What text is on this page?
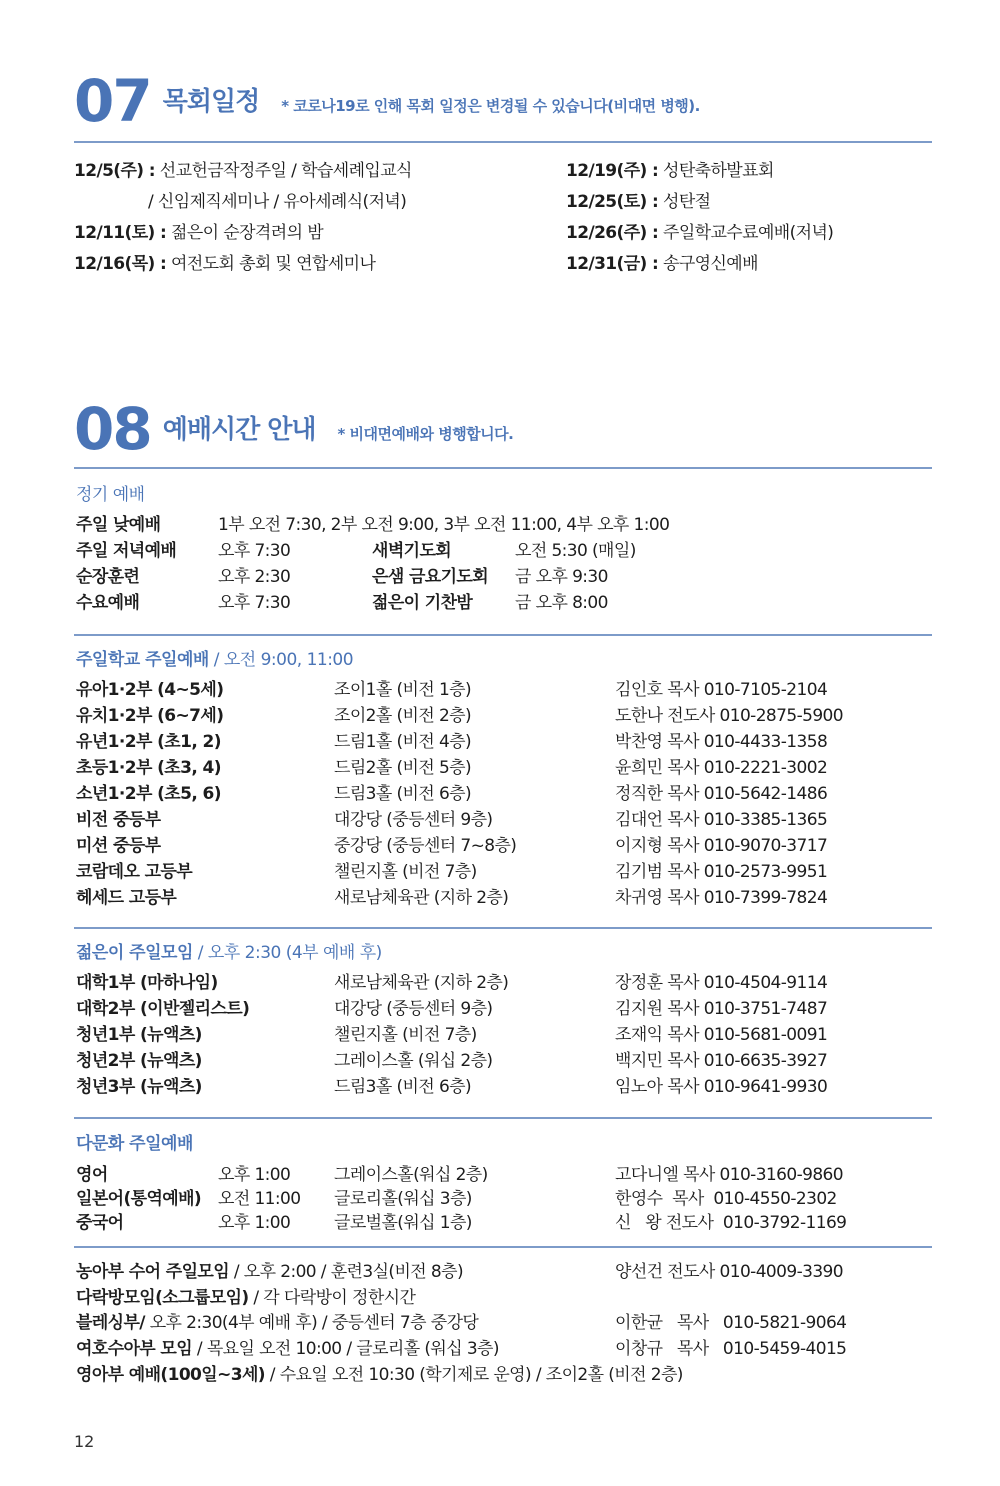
07 목회일정 * 코로나19로 인해 목회 일정은 변경될 수 있습니다(비대면 병행).
12/5(주) : 선교헌금작정주일 / 학습세례입교식
/ 신임제직세미나 / 유아세례식(저녁)
12/11(토) : 젊은이 순장격려의 밤
12/16(목) : 여전도회 총회 및 연합세미나
12/19(주) : 성탄축하발표회
12/25(토) : 성탄절
12/26(주) : 주일학교수료예배(저녁)
12/31(금) : 송구영신예배
08 예배시간 안내 * 비대면예배와 병행합니다.
정기 예배
주일 낮예배	1부 오전 7:30, 2부 오전 9:00, 3부 오전 11:00, 4부 오후 1:00
주일 저녁예배 오후 7:30	새벽기도회	오전 5:30 (매일)
순장훈련	오후 2:30	은샘 금요기도회 금 오후 9:30
수요예배	오후 7:30	젊은이 기찬밤	금 오후 8:00
주일학교 주일예배 / 오전 9:00, 11:00
유아1·2부 (4~5세)	조이1홀 (비전 1층)	김인호 목사 010-7105-2104
유치1·2부 (6~7세)	조이2홀 (비전 2층)	도한나 전도사 010-2875-5900
유년1·2부 (초1, 2)	드림1홀 (비전 4층)	박찬영 목사 010-4433-1358
초등1·2부 (초3, 4)	드림2홀 (비전 5층)	윤희민 목사 010-2221-3002
소년1·2부 (초5, 6)	드림3홀 (비전 6층)	정직한 목사 010-5642-1486
비전 중등부	대강당 (중등센터 9층)	김대언 목사 010-3385-1365
미션 중등부	중강당 (중등센터 7~8층)	이지형 목사 010-9070-3717
코람데오 고등부	챌린지홀 (비전 7층)	김기범 목사 010-2573-9951
헤세드 고등부	새로남체육관 (지하 2층)	차귀영 목사 010-7399-7824
젊은이 주일모임 / 오후 2:30 (4부 예배 후)
대학1부 (마하나임)	새로남체육관 (지하 2층)	장정훈 목사 010-4504-9114
대학2부 (이반젤리스트)	대강당 (중등센터 9층)	김지원 목사 010-3751-7487
청년1부 (뉴액츠)	챌린지홀 (비전 7층)	조재익 목사 010-5681-0091
청년2부 (뉴액츠)	그레이스홀 (워십 2층)	백지민 목사 010-6635-3927
청년3부 (뉴액츠)	드림3홀 (비전 6층)	임노아 목사 010-9641-9930
다문화 주일예배
영어	오후 1:00	그레이스홀(워십 2층)	고다니엘 목사 010-3160-9860
일본어(통역예배) 오전 11:00 글로리홀(워십 3층)	한영수  목사  010-4550-2302
중국어	오후 1:00	글로벌홀(워십 1층)	신   왕 전도사  010-3792-1169
농아부 수어 주일모임 / 오후 2:00 / 훈련3실(비전 8층)	양선건 전도사 010-4009-3390
다락방모임(소그룹모임) / 각 다락방이 정한시간
블레싱부/ 오후 2:30(4부 예배 후) / 중등센터 7층 중강당	이한균   목사   010-5821-9064
여호수아부 모임 / 목요일 오전 10:00 / 글로리홀 (워십 3층)	이창규   목사   010-5459-4015
영아부 예배(100일~3세) / 수요일 오전 10:30 (학기제로 운영) / 조이2홀 (비전 2층)
12
